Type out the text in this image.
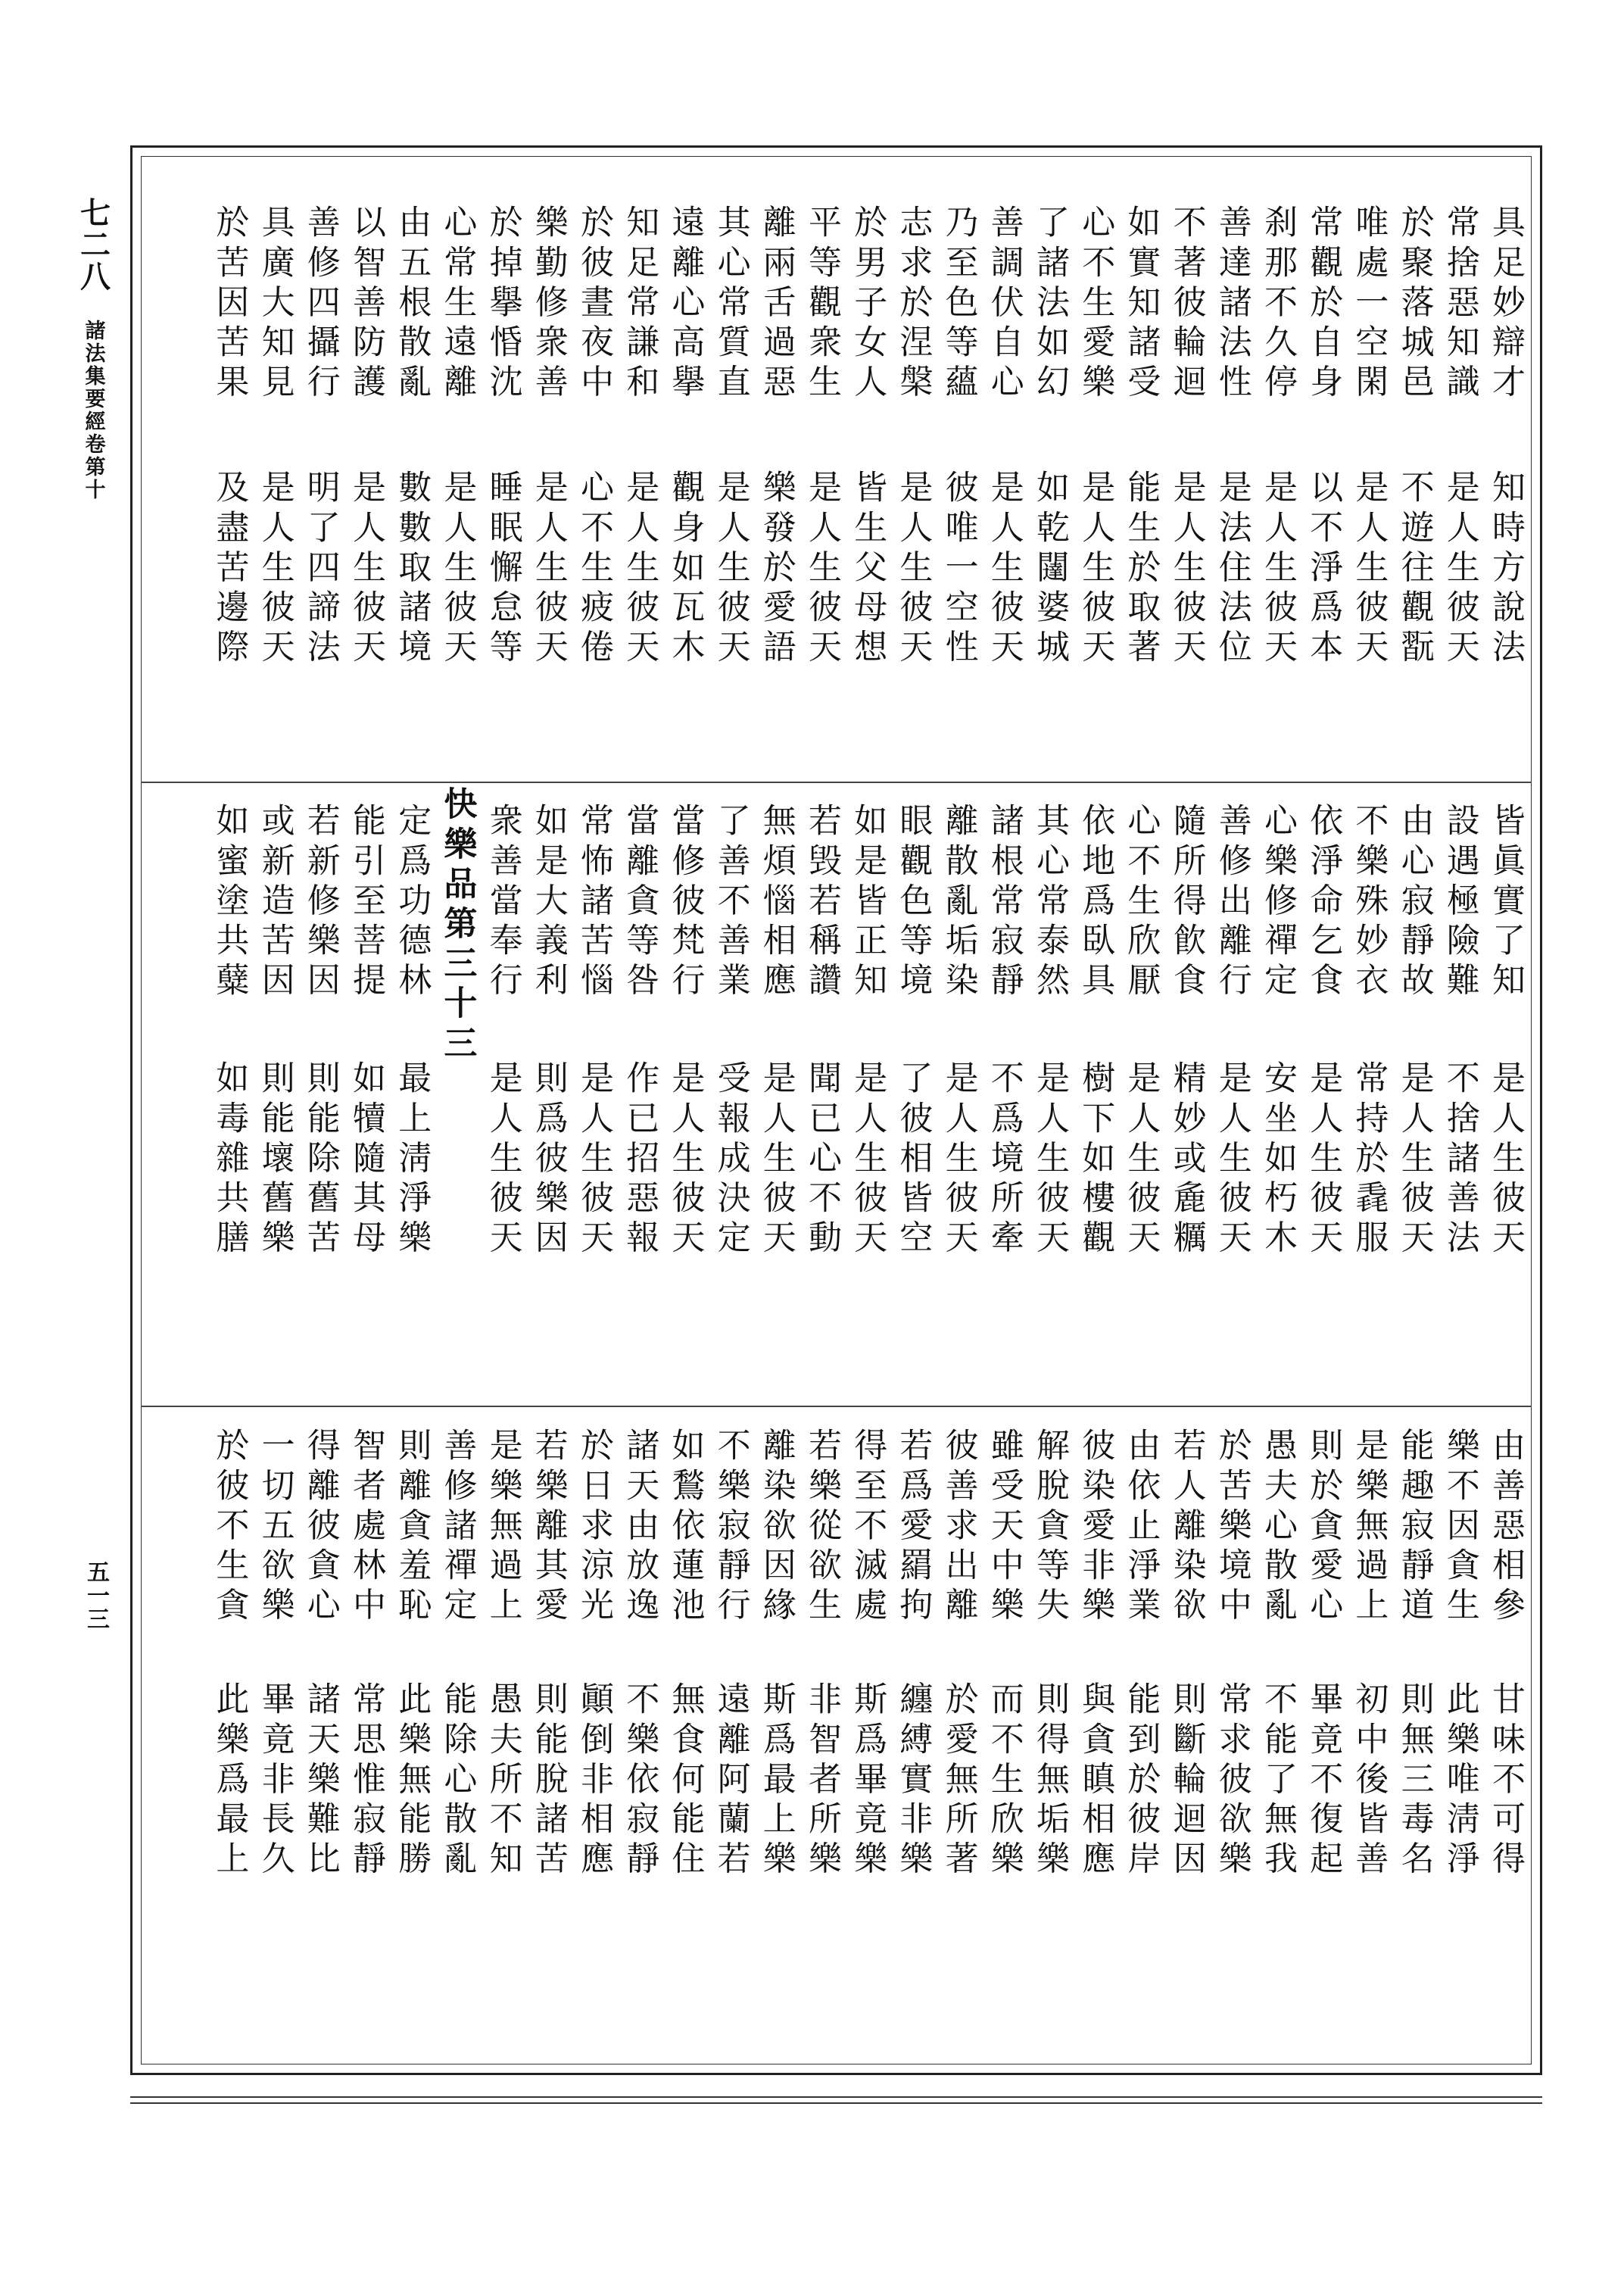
七二八
諸法集要經卷第十
五一三
具足妙辯才
常捨惡知識
於聚落城邑
唯處一空閑
常觀於自身
刹那不久停
善達諸法性
不著彼輪迴
如實知諸受
心不生愛樂
了諸法如幻
善調伏自心
乃至色等蘊
志求於涅槃
於男子女人
平等觀衆生
離兩舌過惡
其心常質直
遠離心高擧
知足常謙和
於彼晝夜中
樂勤修衆善
於掉擧惛沈
心常生遠離
由五根散亂
以智善防護
善修四攝行
具廣大知見
於苦因苦果
知時方說法
是人生彼天
不遊往觀翫
是人生彼天
以不淨爲本
是人生彼天
是法住法位
是人生彼天
能生於取著
是人生彼天
如乾闥婆城
是人生彼天
彼唯一空性
是人生彼天
皆生父母想
是人生彼天
樂發於愛語
是人生彼天
觀身如瓦木
是人生彼天
心不生疲倦
是人生彼天
睡眠懈怠等
是人生彼天
數數取諸境
是人生彼天
明了四諦法
是人生彼天
及盡苦邊際
皆眞實了知
設遇極險難
由心寂靜故
不樂殊妙衣
依淨命乞食
心樂修禪定
善修出離行
隨所得飮食
心不生欣厭
依地爲臥具
其心常泰然
諸根常寂靜
離散亂垢染
眼觀色等境
如是皆正知
若毁若稱讚
無煩惱相應
了善不善業
當修彼梵行
當離貪等咎
常怖諸苦惱
如是大義利
衆善當奉行
快樂品第三十三
定爲功德林
能引至菩提
若新修樂因
或新造苦因
如蜜塗共糵
是人生彼天
不捨諸善法
是人生彼天
常持於毳服
是人生彼天
安坐如朽木
是人生彼天
精妙或麁糲
是人生彼天
樹下如樓觀
是人生彼天
不爲境所牽
是人生彼天
了彼相皆空
是人生彼天
聞已心不動
是人生彼天
受報成決定
是人生彼天
作已招惡報
是人生彼天
則爲彼樂因
是人生彼天
最上淸淨樂
如犢隨其母
則能除舊苦
則能壞舊樂
如毒雜共膳
由善惡相參
樂不因貪生
能趣寂靜道
是樂無過上
則於貪愛心
愚夫心散亂
於苦樂境中
若人離染欲
由依止淨業
彼染愛非樂
解脫貪等失
雖受天中樂
彼善求出離
若爲愛羂拘
得至不滅處
若樂從欲生
離染欲因緣
不樂寂靜行
如鶖依蓮池
諸天由放逸
於日求涼光
若樂離其愛
是樂無過上
善修諸禪定
則離貪羞恥
智者處林中
得離彼貪心
一切五欲樂
於彼不生貪
甘味不可得
此樂唯淸淨
則無三毒名
初中後皆善
畢竟不復起
不能了無我
常求彼欲樂
則斷輪迴因
能到於彼岸
與貪瞋相應
則得無垢樂
而不生欣樂
於愛無所著
纏縛實非樂
斯爲畢竟樂
非智者所樂
斯爲最上樂
遠離阿蘭若
無食何能住
不樂依寂靜
顚倒非相應
則能脫諸苦
愚夫所不知
能除心散亂
此樂無能勝
常思惟寂靜
諸天樂難比
畢竟非長久
此樂爲最上
